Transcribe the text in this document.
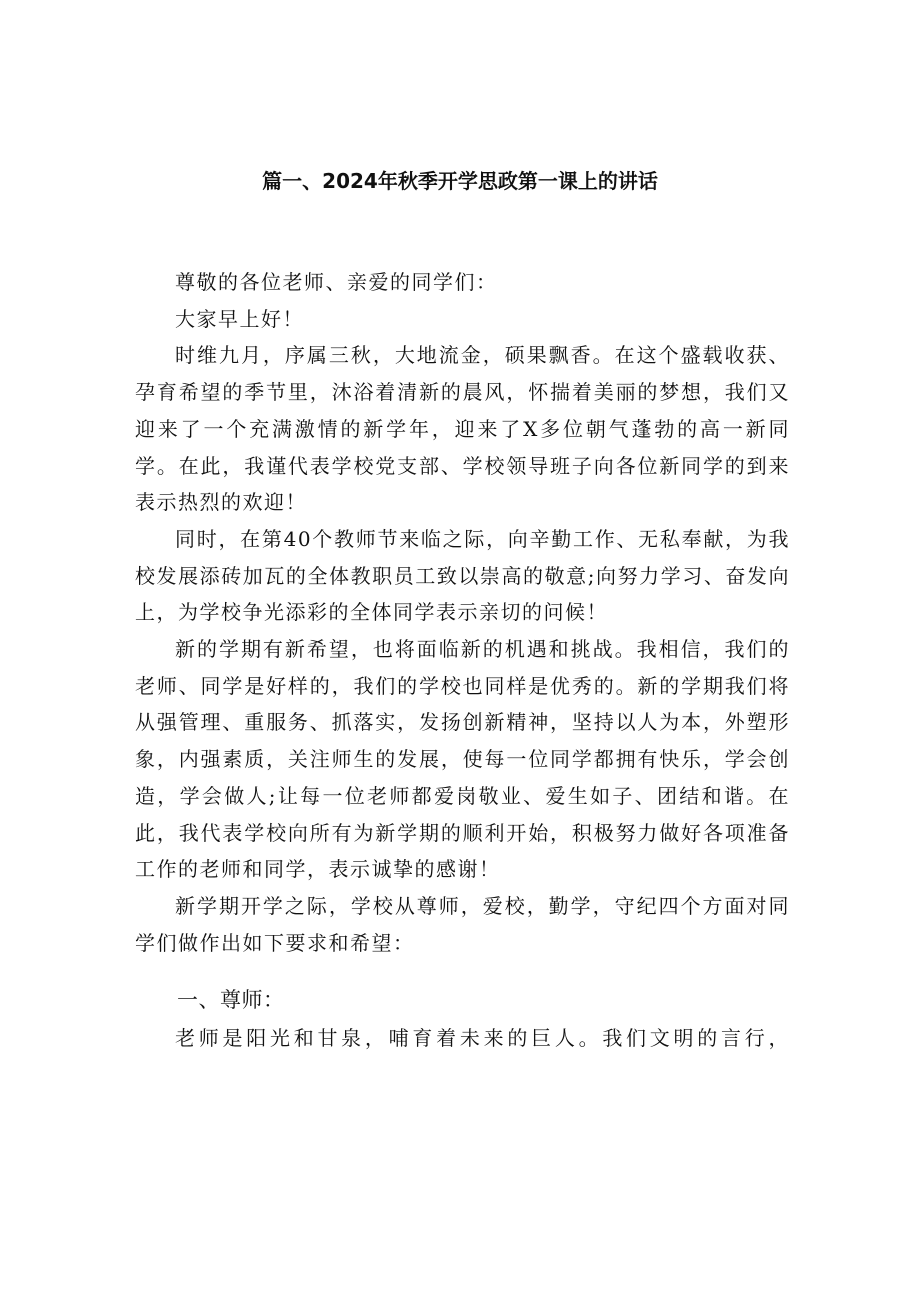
篇一、2024年秋季开学思政第一课上的讲话

尊敬的各位老师、亲爱的同学们：

大家早上好！

时维九月，序属三秋，大地流金，硕果飘香。在这个盛载收获、孕育希望的季节里，沐浴着清新的晨风，怀揣着美丽的梦想，我们又迎来了一个充满激情的新学年，迎来了X多位朝气蓬勃的高一新同学。在此，我谨代表学校党支部、学校领导班子向各位新同学的到来表示热烈的欢迎！

同时，在第40个教师节来临之际，向辛勤工作、无私奉献，为我校发展添砖加瓦的全体教职员工致以崇高的敬意;向努力学习、奋发向上，为学校争光添彩的全体同学表示亲切的问候！

新的学期有新希望，也将面临新的机遇和挑战。我相信，我们的老师、同学是好样的，我们的学校也同样是优秀的。新的学期我们将从强管理、重服务、抓落实，发扬创新精神，坚持以人为本，外塑形象，内强素质，关注师生的发展，使每一位同学都拥有快乐，学会创造，学会做人;让每一位老师都爱岗敬业、爱生如子、团结和谐。在此，我代表学校向所有为新学期的顺利开始，积极努力做好各项准备工作的老师和同学，表示诚挚的感谢！

新学期开学之际，学校从尊师，爱校，勤学，守纪四个方面对同学们做作出如下要求和希望：

一、尊师：

老师是阳光和甘泉，哺育着未来的巨人。我们文明的言行，
